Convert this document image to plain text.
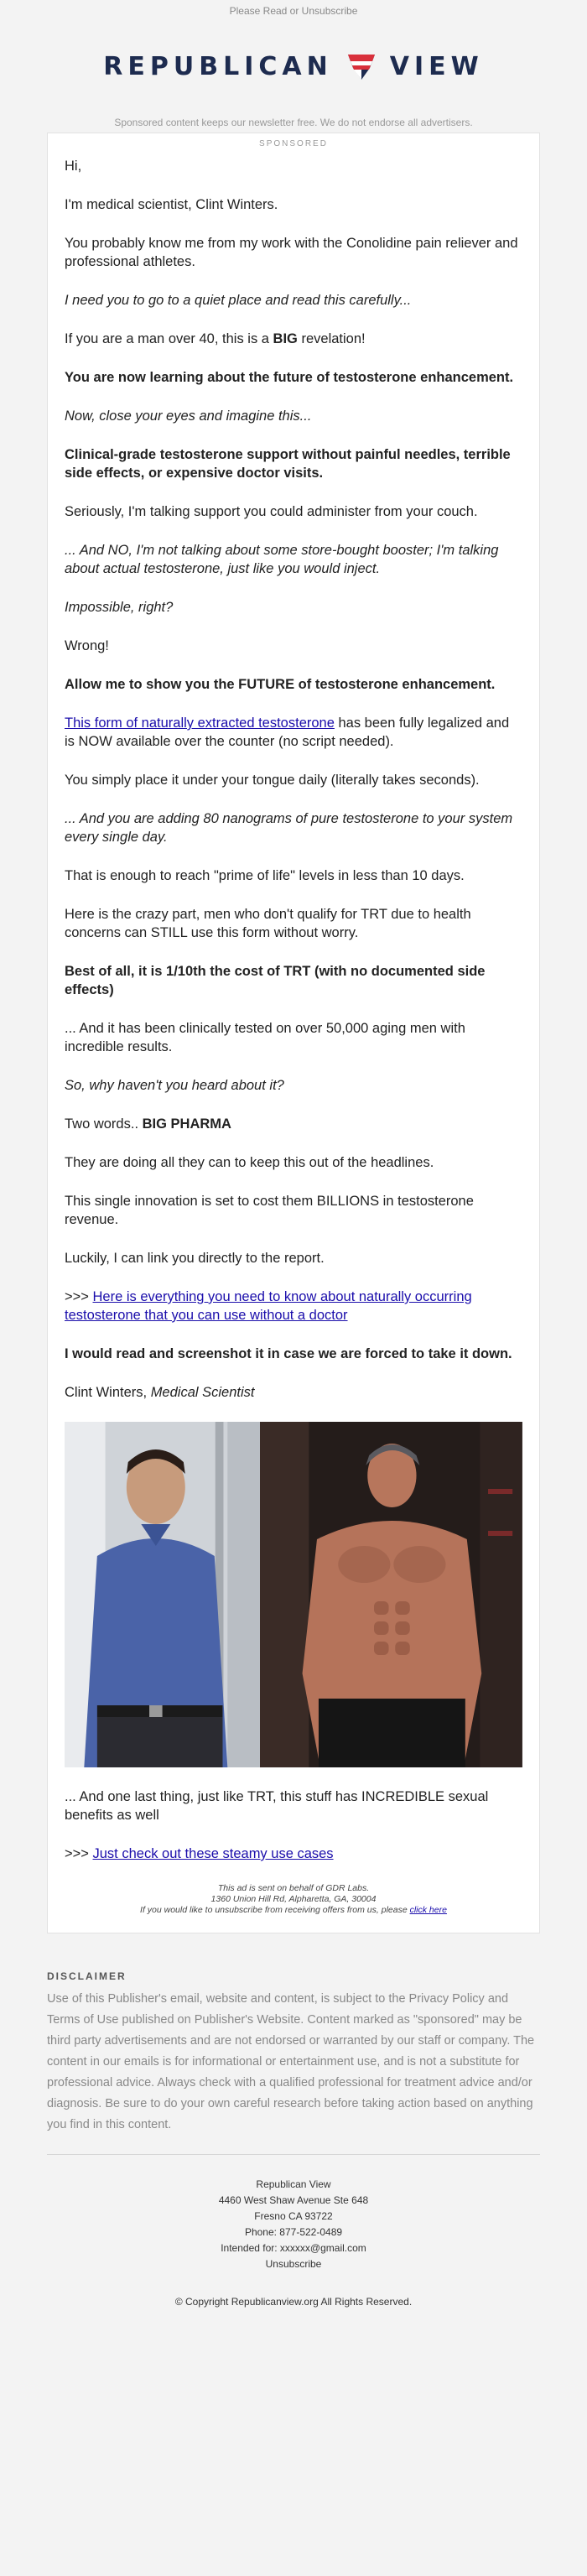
Please Read or Unsubscribe
REPUBLICAN VIEW
Sponsored content keeps our newsletter free. We do not endorse all advertisers.
SPONSORED

Hi,

I'm medical scientist, Clint Winters.

You probably know me from my work with the Conolidine pain reliever and professional athletes.

I need you to go to a quiet place and read this carefully...

If you are a man over 40, this is a BIG revelation!

You are now learning about the future of testosterone enhancement.

Now, close your eyes and imagine this...

Clinical-grade testosterone support without painful needles, terrible side effects, or expensive doctor visits.

Seriously, I'm talking support you could administer from your couch.

... And NO, I'm not talking about some store-bought booster; I'm talking about actual testosterone, just like you would inject.

Impossible, right?

Wrong!

Allow me to show you the FUTURE of testosterone enhancement.

This form of naturally extracted testosterone has been fully legalized and is NOW available over the counter (no script needed).

You simply place it under your tongue daily (literally takes seconds).

... And you are adding 80 nanograms of pure testosterone to your system every single day.

That is enough to reach "prime of life" levels in less than 10 days.

Here is the crazy part, men who don't qualify for TRT due to health concerns can STILL use this form without worry.

Best of all, it is 1/10th the cost of TRT (with no documented side effects)

... And it has been clinically tested on over 50,000 aging men with incredible results.

So, why haven't you heard about it?

Two words.. BIG PHARMA

They are doing all they can to keep this out of the headlines.

This single innovation is set to cost them BILLIONS in testosterone revenue.

Luckily, I can link you directly to the report.

>>> Here is everything you need to know about naturally occurring testosterone that you can use without a doctor

I would read and screenshot it in case we are forced to take it down.

Clint Winters, Medical Scientist

... And one last thing, just like TRT, this stuff has INCREDIBLE sexual benefits as well

>>> Just check out these steamy use cases

This ad is sent on behalf of GDR Labs.
1360 Union Hill Rd, Alpharetta, GA, 30004
If you would like to unsubscribe from receiving offers from us, please click here
DISCLAIMER
Use of this Publisher's email, website and content, is subject to the Privacy Policy and Terms of Use published on Publisher's Website. Content marked as "sponsored" may be third party advertisements and are not endorsed or warranted by our staff or company. The content in our emails is for informational or entertainment use, and is not a substitute for professional advice. Always check with a qualified professional for treatment advice and/or diagnosis. Be sure to do your own careful research before taking action based on anything you find in this content.
Republican View
4460 West Shaw Avenue Ste 648
Fresno CA 93722
Phone: 877-522-0489
Intended for: xxxxxx@gmail.com
Unsubscribe
© Copyright Republicanview.org All Rights Reserved.
